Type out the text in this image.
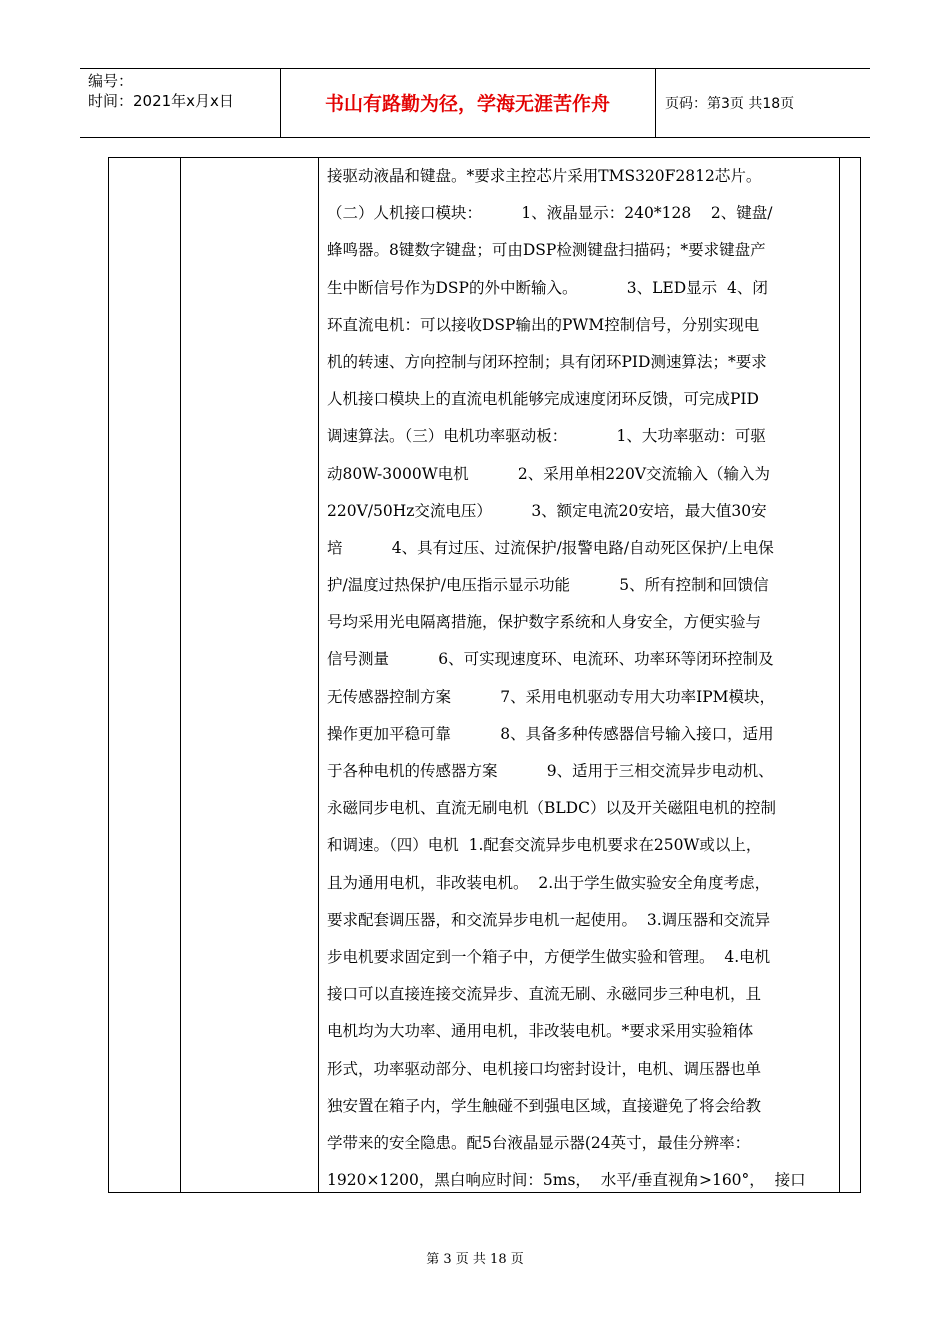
编号：
时间：2021年x月x日	书山有路勤为径，学海无涯苦作舟	页码：第3页 共18页
接驱动液晶和键盘。*要求主控芯片采用TMS320F2812芯片。
（二）人机接口模块：        1、液晶显示：240*128    2、键盘/
蜂鸣器。8键数字键盘；可由DSP检测键盘扫描码；*要求键盘产
生中断信号作为DSP的外中断输入。          3、LED显示  4、闭
环直流电机：可以接收DSP输出的PWM控制信号，分别实现电
机的转速、方向控制与闭环控制；具有闭环PID测速算法；*要求
人机接口模块上的直流电机能够完成速度闭环反馈，可完成PID
调速算法。（三）电机功率驱动板：          1、大功率驱动：可驱
动80W-3000W电机          2、采用单相220V交流输入（输入为
220V/50Hz交流电压）        3、额定电流20安培，最大值30安
培          4、具有过压、过流保护/报警电路/自动死区保护/上电保
护/温度过热保护/电压指示显示功能          5、所有控制和回馈信
号均采用光电隔离措施，保护数字系统和人身安全，方便实验与
信号测量          6、可实现速度环、电流环、功率环等闭环控制及
无传感器控制方案          7、采用电机驱动专用大功率IPM模块，
操作更加平稳可靠          8、具备多种传感器信号输入接口，适用
于各种电机的传感器方案          9、适用于三相交流异步电动机、
永磁同步电机、直流无刷电机（BLDC）以及开关磁阻电机的控制
和调速。（四）电机  1.配套交流异步电机要求在250W或以上，
且为通用电机，非改装电机。  2.出于学生做实验安全角度考虑，
要求配套调压器，和交流异步电机一起使用。  3.调压器和交流异
步电机要求固定到一个箱子中，方便学生做实验和管理。  4.电机
接口可以直接连接交流异步、直流无刷、永磁同步三种电机，且
电机均为大功率、通用电机，非改装电机。*要求采用实验箱体
形式，功率驱动部分、电机接口均密封设计，电机、调压器也单
独安置在箱子内，学生触碰不到强电区域，直接避免了将会给教
学带来的安全隐患。配5台液晶显示器(24英寸，最佳分辨率：
1920×1200，黑白响应时间：5ms，  水平/垂直视角>160°，  接口
第 3 页 共 18 页
